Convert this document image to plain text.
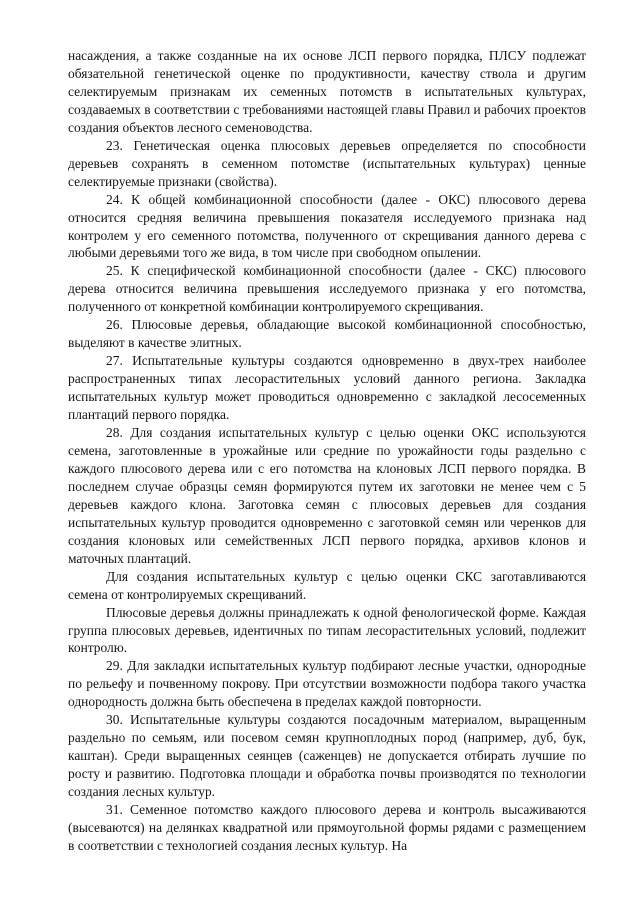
насаждения, а также созданные на их основе ЛСП первого порядка, ПЛСУ подлежат обязательной генетической оценке по продуктивности, качеству ствола и другим селектируемым признакам их семенных потомств в испытательных культурах, создаваемых в соответствии с требованиями настоящей главы Правил и рабочих проектов создания объектов лесного семеноводства.

23. Генетическая оценка плюсовых деревьев определяется по способности деревьев сохранять в семенном потомстве (испытательных культурах) ценные селектируемые признаки (свойства).

24. К общей комбинационной способности (далее - ОКС) плюсового дерева относится средняя величина превышения показателя исследуемого признака над контролем у его семенного потомства, полученного от скрещивания данного дерева с любыми деревьями того же вида, в том числе при свободном опылении.

25. К специфической комбинационной способности (далее - СКС) плюсового дерева относится величина превышения исследуемого признака у его потомства, полученного от конкретной комбинации контролируемого скрещивания.

26. Плюсовые деревья, обладающие высокой комбинационной способностью, выделяют в качестве элитных.

27. Испытательные культуры создаются одновременно в двух-трех наиболее распространенных типах лесорастительных условий данного региона. Закладка испытательных культур может проводиться одновременно с закладкой лесосеменных плантаций первого порядка.

28. Для создания испытательных культур с целью оценки ОКС используются семена, заготовленные в урожайные или средние по урожайности годы раздельно с каждого плюсового дерева или с его потомства на клоновых ЛСП первого порядка. В последнем случае образцы семян формируются путем их заготовки не менее чем с 5 деревьев каждого клона. Заготовка семян с плюсовых деревьев для создания испытательных культур проводится одновременно с заготовкой семян или черенков для создания клоновых или семейственных ЛСП первого порядка, архивов клонов и маточных плантаций.

Для создания испытательных культур с целью оценки СКС заготавливаются семена от контролируемых скрещиваний.

Плюсовые деревья должны принадлежать к одной фенологической форме. Каждая группа плюсовых деревьев, идентичных по типам лесорастительных условий, подлежит контролю.

29. Для закладки испытательных культур подбирают лесные участки, однородные по рельефу и почвенному покрову. При отсутствии возможности подбора такого участка однородность должна быть обеспечена в пределах каждой повторности.

30. Испытательные культуры создаются посадочным материалом, выращенным раздельно по семьям, или посевом семян крупноплодных пород (например, дуб, бук, каштан). Среди выращенных сеянцев (саженцев) не допускается отбирать лучшие по росту и развитию. Подготовка площади и обработка почвы производятся по технологии создания лесных культур.

31. Семенное потомство каждого плюсового дерева и контроль высаживаются (высеваются) на делянках квадратной или прямоугольной формы рядами с размещением в соответствии с технологией создания лесных культур. На
